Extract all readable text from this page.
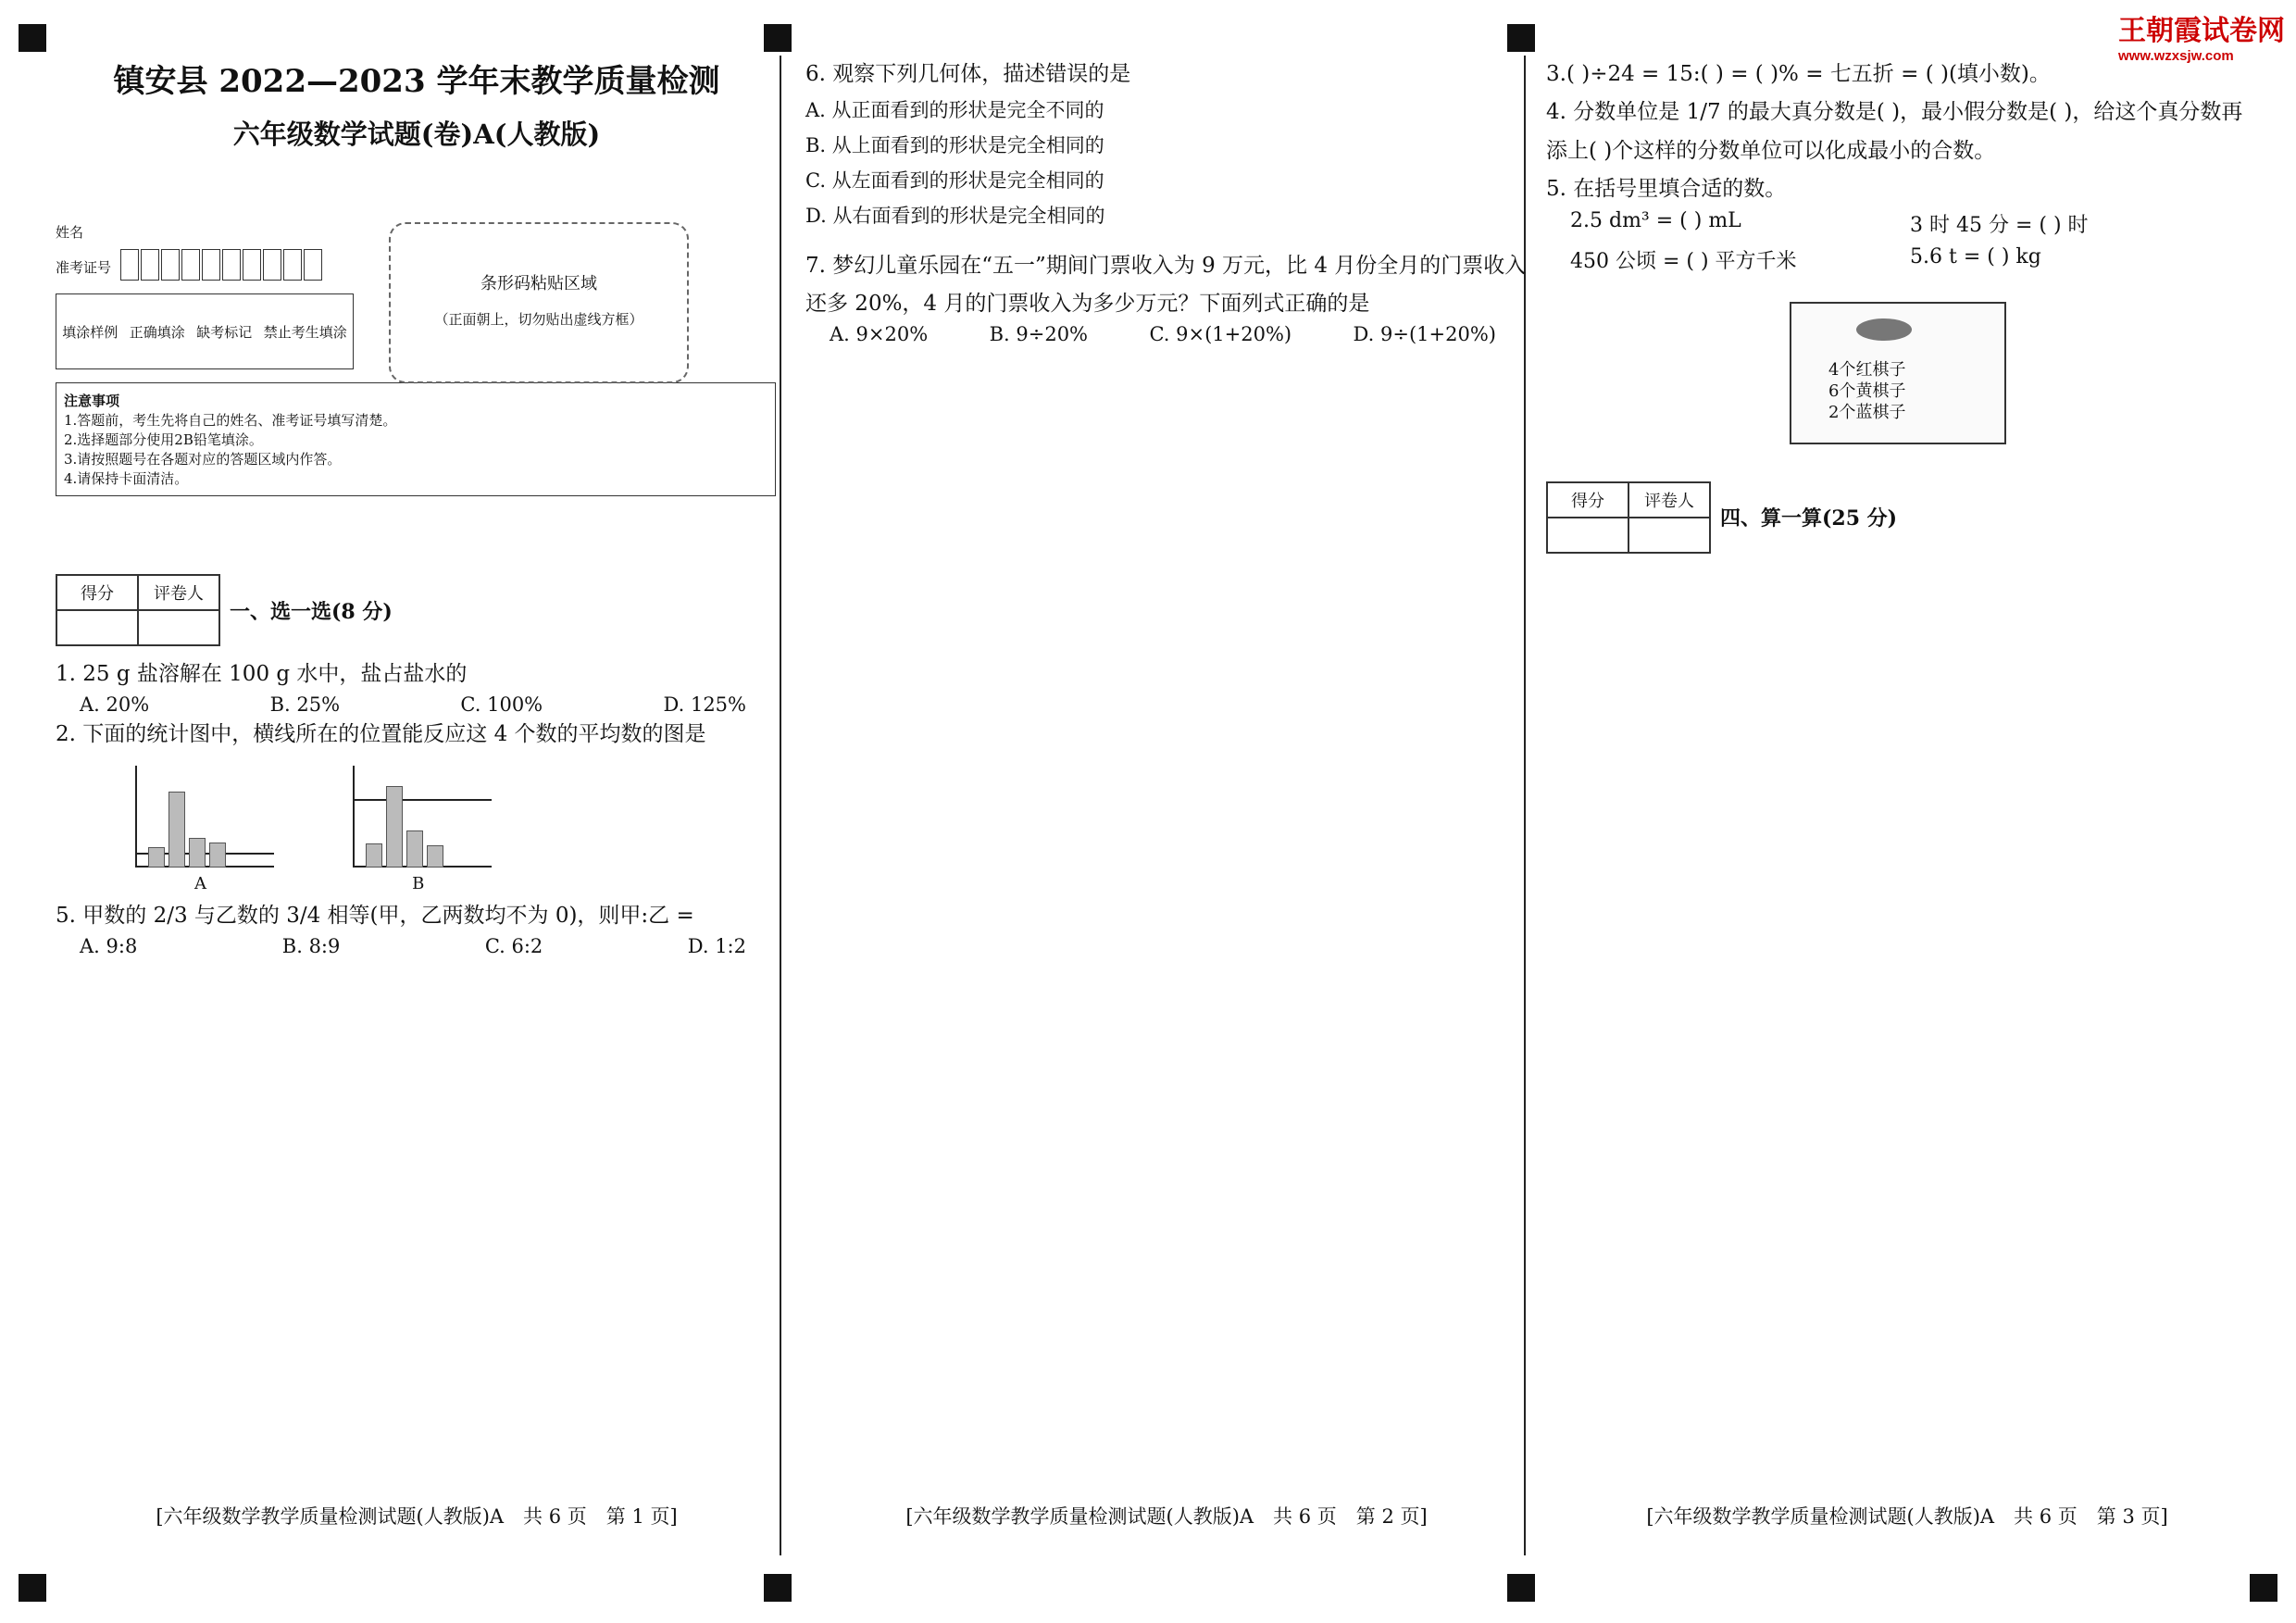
王朝霞试卷网
www.wzxsjw.com
镇安县 2022—2023 学年末教学质量检测
六年级数学试题(卷)A(人教版)
姓名
准考证号
填涂样例 正确填涂 缺考标记 禁止考生填涂
条形码粘贴区域
（正面朝上，切勿贴出虚线方框）
注意事项
1.答题前，考生先将自己的姓名、准考证号填写清楚。
2.选择题部分使用2B铅笔填涂。
3.请按照题号在各题对应的答题区域内作答。
4.请保持卡面清洁。
得分	评卷人
一、选一选(8 分)
1. 25 g 盐溶解在 100 g 水中，盐占盐水的
A. 20%	B. 25%	C. 100%	D. 125%
2. 下面的统计图中，横线所在的位置能反应这 4 个数的平均数的图是
A
	B
5. 甲数的 2/3 与乙数的 3/4 相等(甲，乙两数均不为 0)，则甲:乙 =
A. 9:8	B. 8:9	C. 6:2	D. 1:2
[六年级数学教学质量检测试题(人教版)A　共 6 页　第 1 页]
6. 观察下列几何体，描述错误的是
A. 从正面看到的形状是完全不同的
B. 从上面看到的形状是完全相同的
C. 从左面看到的形状是完全相同的
D. 从右面看到的形状是完全相同的
7. 梦幻儿童乐园在“五一”期间门票收入为 9 万元，比 4 月份全月的门票收入还多 20%，4 月的门票收入为多少万元？下面列式正确的是
A. 9×20%	B. 9÷20%	C. 9×(1+20%)	D. 9÷(1+20%)
[六年级数学教学质量检测试题(人教版)A　共 6 页　第 2 页]
3.( )÷24 = 15:( ) = ( )% = 七五折 = ( )(填小数)。
4. 分数单位是 1/7 的最大真分数是( )，最小假分数是( )，给这个真分数再添上( )个这样的分数单位可以化成最小的合数。
5. 在括号里填合适的数。
2.5 dm³ = ( ) mL	3 时 45 分 = ( ) 时
450 公顷 = ( ) 平方千米	5.6 t = ( ) kg
4个红棋子
6个黄棋子
2个蓝棋子
得分	评卷人
四、算一算(25 分)
[六年级数学教学质量检测试题(人教版)A　共 6 页　第 3 页]
